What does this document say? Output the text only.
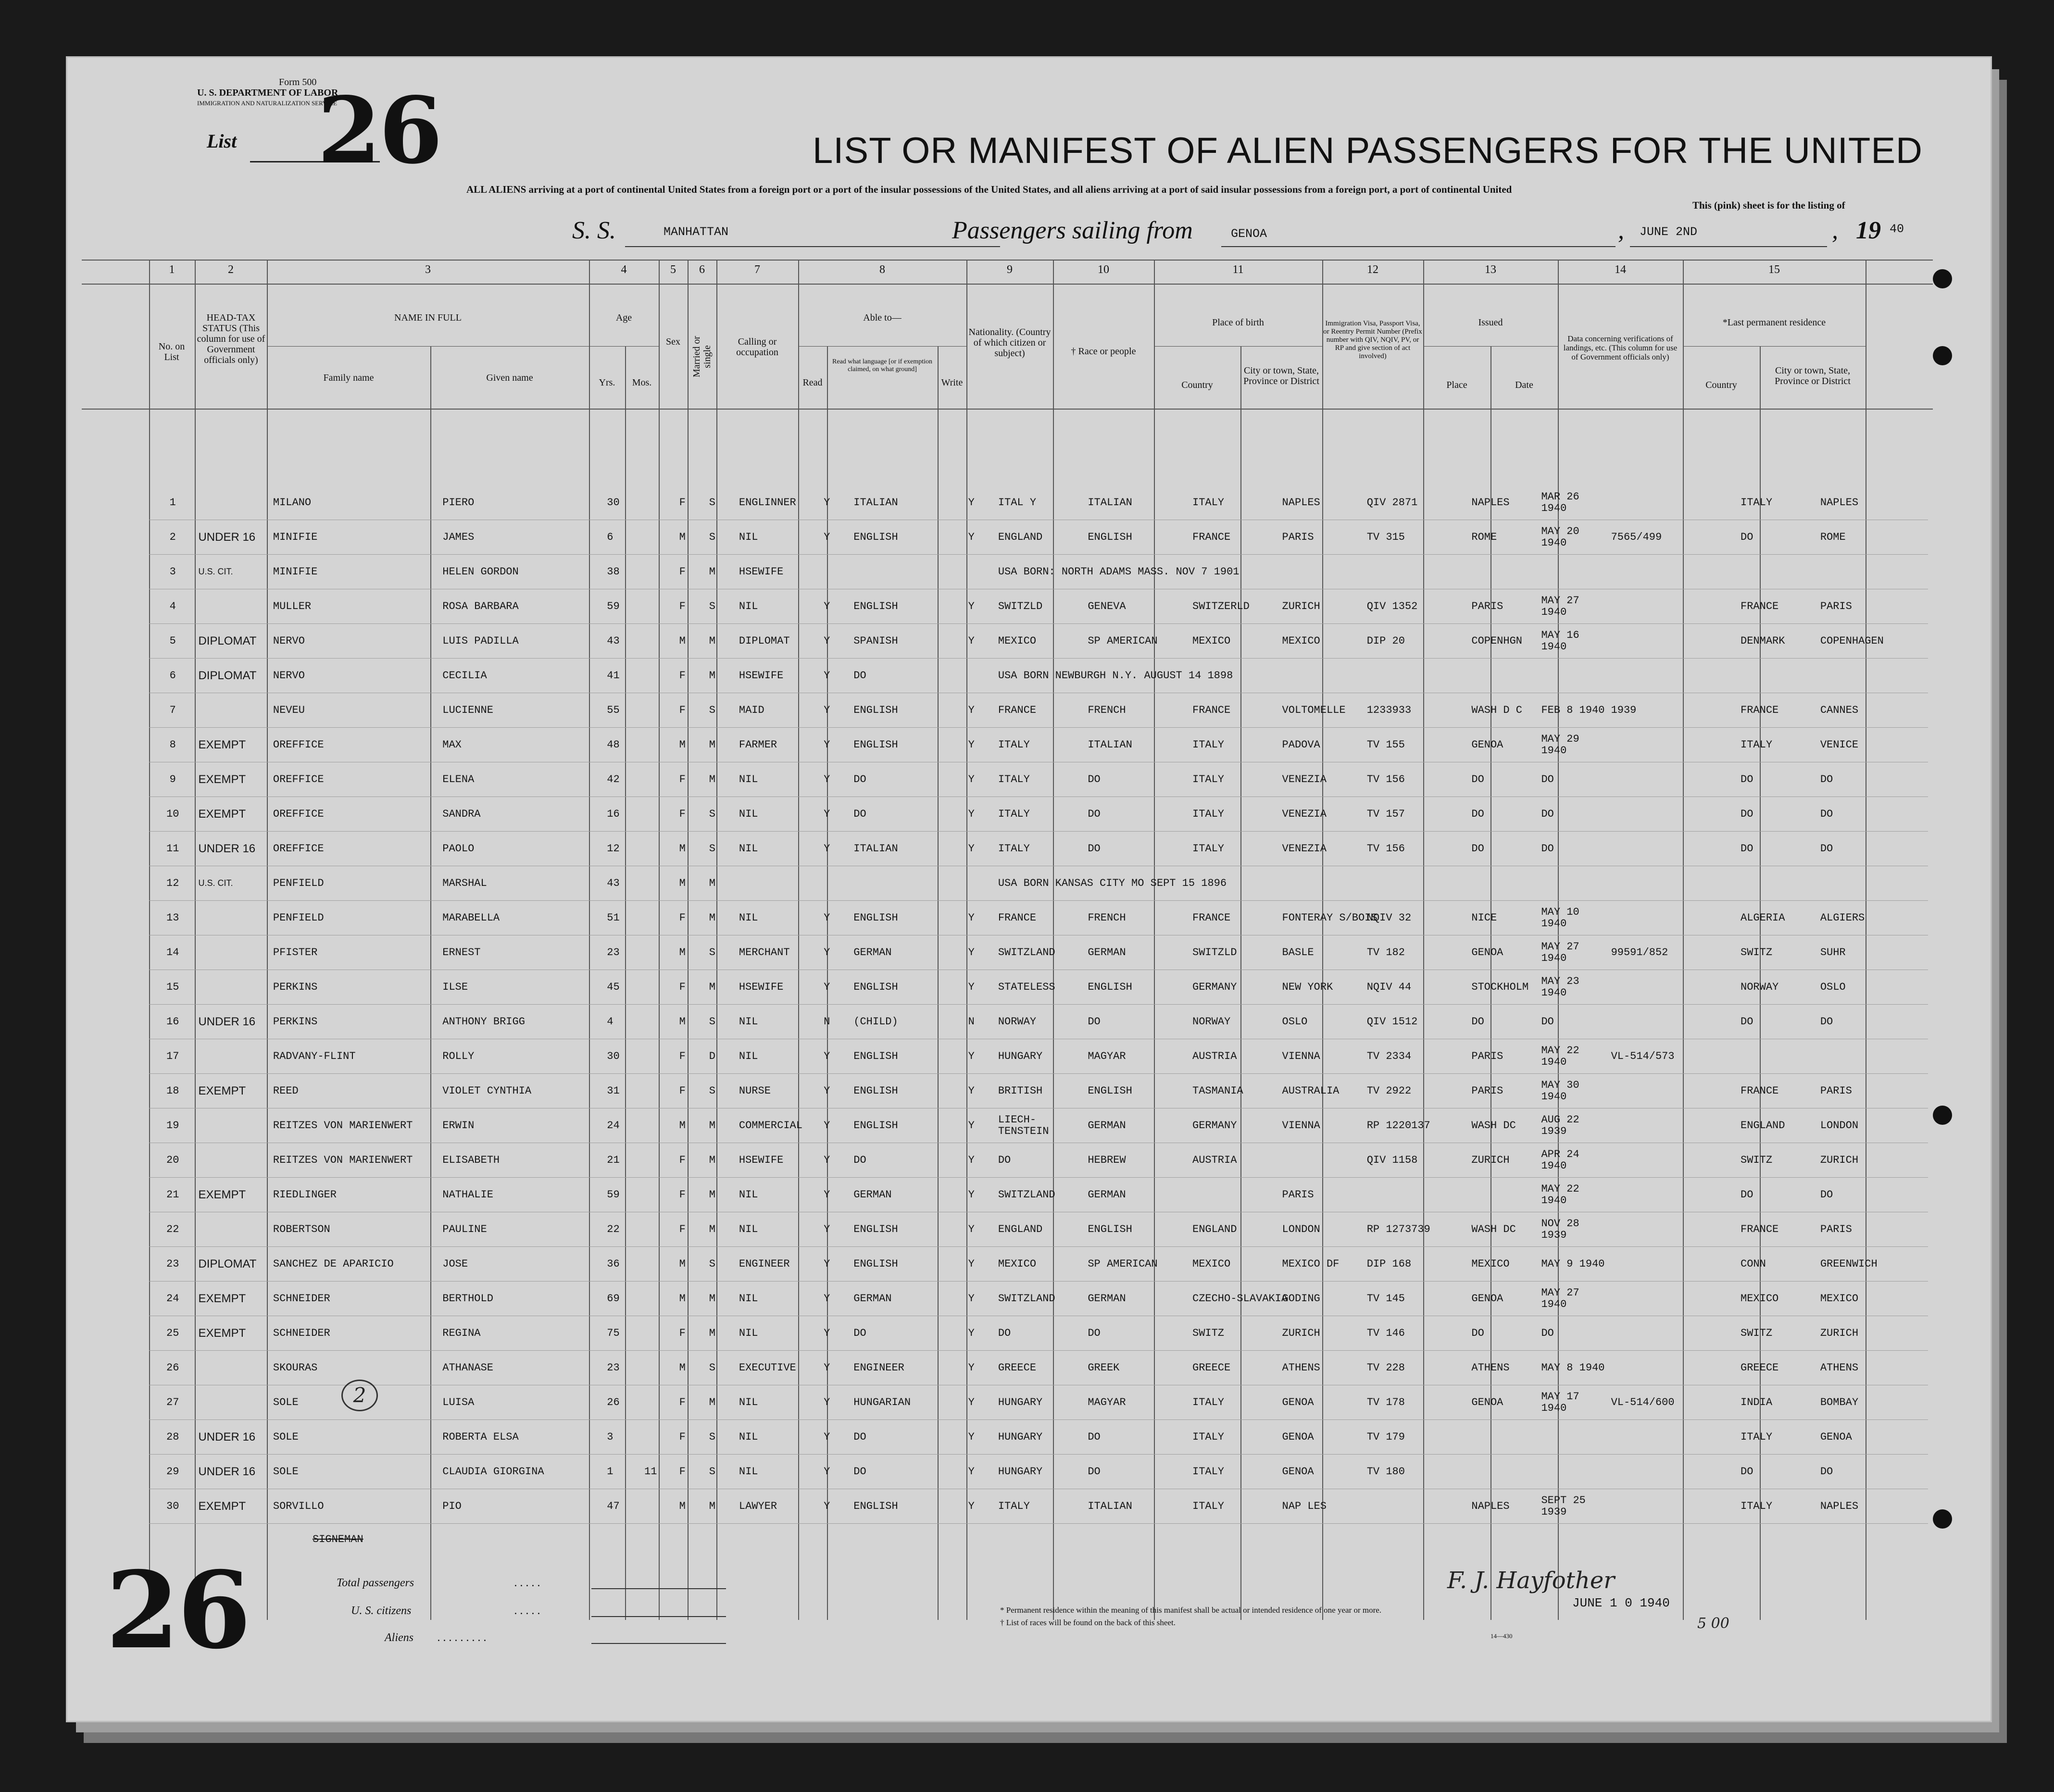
Form 500
U. S. DEPARTMENT OF LABOR
IMMIGRATION AND NATURALIZATION SERVICE
List 26	LIST OR MANIFEST OF ALIEN PASSENGERS FOR THE UNITED
ALL ALIENS arriving at a port of continental United States from a foreign port or a port of the insular possessions of the United States, and all aliens arriving at a port of said insular possessions from a foreign port, a port of continental United
This (pink) sheet is for the listing of
S. S.	MANHATTAN	Passengers sailing from	GENOA	, JUNE 2ND	, 19 40
1	2	3	4	5	6	7	8	9	10	11	12	13	14	15
No. on List
HEAD-TAX STATUS (This column for use of Government officials only)
NAME IN FULL
Family name	Given name
Age
Yrs.	Mos.
Sex	Married or single
Calling or occupation
Able to—
Read
Read what language [or if exemption claimed, on what ground]
Write
Nationality. (Country of which citizen or subject)	† Race or people
Place of birth
Country
City or town, State, Province or District
Immigration Visa, Passport Visa, or Reentry Permit Number (Prefix number with QIV, NQIV, PV, or RP and give section of act involved)
Issued
Place	Date
Data concerning verifications of landings, etc. (This column for use of Government officials only)
*Last permanent residence
Country
City or town, State, Province or District
1		MILANO	PIERO	30		F	S	ENGLINNER	Y	ITALIAN	Y	ITAL Y	ITALIAN	ITALY	NAPLES	QIV 2871	NAPLES	MAR 26 1940		ITALY	NAPLES
2	UNDER 16	MINIFIE	JAMES	6		M	S	NIL	Y	ENGLISH	Y	ENGLAND	ENGLISH	FRANCE	PARIS	TV 315	ROME	MAY 20 1940	7565/499	DO	ROME
3	U.S. CIT.	MINIFIE	HELEN GORDON	38		F	M	HSEWIFE				USA BORN: NORTH ADAMS MASS. NOV 7 1901									
4		MULLER	ROSA BARBARA	59		F	S	NIL	Y	ENGLISH	Y	SWITZLD	GENEVA	SWITZERLD	ZURICH	QIV 1352	PARIS	MAY 27 1940		FRANCE	PARIS
5	DIPLOMAT	NERVO	LUIS PADILLA	43		M	M	DIPLOMAT	Y	SPANISH	Y	MEXICO	SP AMERICAN	MEXICO	MEXICO	DIP 20	COPENHGN	MAY 16 1940		DENMARK	COPENHAGEN
6	DIPLOMAT	NERVO	CECILIA	41		F	M	HSEWIFE	Y	DO		USA BORN NEWBURGH N.Y. AUGUST 14 1898									
7		NEVEU	LUCIENNE	55		F	S	MAID	Y	ENGLISH	Y	FRANCE	FRENCH	FRANCE	VOLTOMELLE	1233933	WASH D C	FEB 8 1940	1939	FRANCE	CANNES
8	EXEMPT	OREFFICE	MAX	48		M	M	FARMER	Y	ENGLISH	Y	ITALY	ITALIAN	ITALY	PADOVA	TV 155	GENOA	MAY 29 1940		ITALY	VENICE
9	EXEMPT	OREFFICE	ELENA	42		F	M	NIL	Y	DO	Y	ITALY	DO	ITALY	VENEZIA	TV 156	DO	DO		DO	DO
10	EXEMPT	OREFFICE	SANDRA	16		F	S	NIL	Y	DO	Y	ITALY	DO	ITALY	VENEZIA	TV 157	DO	DO		DO	DO
11	UNDER 16	OREFFICE	PAOLO	12		M	S	NIL	Y	ITALIAN	Y	ITALY	DO	ITALY	VENEZIA	TV 156	DO	DO		DO	DO
12	U.S. CIT.	PENFIELD	MARSHAL	43		M	M					USA BORN KANSAS CITY MO SEPT 15 1896									
13		PENFIELD	MARABELLA	51		F	M	NIL	Y	ENGLISH	Y	FRANCE	FRENCH	FRANCE	FONTERAY S/BOIS	NQIV 32	NICE	MAY 10 1940		ALGERIA	ALGIERS
14		PFISTER	ERNEST	23		M	S	MERCHANT	Y	GERMAN	Y	SWITZLAND	GERMAN	SWITZLD	BASLE	TV 182	GENOA	MAY 27 1940	99591/852	SWITZ	SUHR
15		PERKINS	ILSE	45		F	M	HSEWIFE	Y	ENGLISH	Y	STATELESS	ENGLISH	GERMANY	NEW YORK	NQIV 44	STOCKHOLM	MAY 23 1940		NORWAY	OSLO
16	UNDER 16	PERKINS	ANTHONY BRIGG	4		M	S	NIL	N	(CHILD)	N	NORWAY	DO	NORWAY	OSLO	QIV 1512	DO	DO		DO	DO
17		RADVANY-FLINT	ROLLY	30		F	D	NIL	Y	ENGLISH	Y	HUNGARY	MAGYAR	AUSTRIA	VIENNA	TV 2334	PARIS	MAY 22 1940	VL-514/573		
18	EXEMPT	REED	VIOLET CYNTHIA	31		F	S	NURSE	Y	ENGLISH	Y	BRITISH	ENGLISH	TASMANIA	AUSTRALIA	TV 2922	PARIS	MAY 30 1940		FRANCE	PARIS
19		REITZES VON MARIENWERT	ERWIN	24		M	M	COMMERCIAL	Y	ENGLISH	Y	LIECH-TENSTEIN	GERMAN	GERMANY	VIENNA	RP 1220137	WASH DC	AUG 22 1939		ENGLAND	LONDON
20		REITZES VON MARIENWERT	ELISABETH	21		F	M	HSEWIFE	Y	DO	Y	DO	HEBREW	AUSTRIA		QIV 1158	ZURICH	APR 24 1940		SWITZ	ZURICH
21	EXEMPT	RIEDLINGER	NATHALIE	59		F	M	NIL	Y	GERMAN	Y	SWITZLAND	GERMAN		PARIS			MAY 22 1940		DO	DO
22		ROBERTSON	PAULINE	22		F	M	NIL	Y	ENGLISH	Y	ENGLAND	ENGLISH	ENGLAND	LONDON	RP 1273739	WASH DC	NOV 28 1939		FRANCE	PARIS
23	DIPLOMAT	SANCHEZ DE APARICIO	JOSE	36		M	S	ENGINEER	Y	ENGLISH	Y	MEXICO	SP AMERICAN	MEXICO	MEXICO DF	DIP 168	MEXICO	MAY 9 1940		CONN	GREENWICH
24	EXEMPT	SCHNEIDER	BERTHOLD	69		M	M	NIL	Y	GERMAN	Y	SWITZLAND	GERMAN	CZECHO-SLAVAKIA	GODING	TV 145	GENOA	MAY 27 1940		MEXICO	MEXICO
25	EXEMPT	SCHNEIDER	REGINA	75		F	M	NIL	Y	DO	Y	DO	DO	SWITZ	ZURICH	TV 146	DO	DO		SWITZ	ZURICH
26		SKOURAS	ATHANASE	23		M	S	EXECUTIVE	Y	ENGINEER	Y	GREECE	GREEK	GREECE	ATHENS	TV 228	ATHENS	MAY 8 1940		GREECE	ATHENS
27		SOLE	LUISA	26		F	M	NIL	Y	HUNGARIAN	Y	HUNGARY	MAGYAR	ITALY	GENOA	TV 178	GENOA	MAY 17 1940	VL-514/600	INDIA	BOMBAY
28	UNDER 16	SOLE	ROBERTA ELSA	3		F	S	NIL	Y	DO	Y	HUNGARY	DO	ITALY	GENOA	TV 179				ITALY	GENOA
29	UNDER 16	SOLE	CLAUDIA GIORGINA	1	11	F	S	NIL	Y	DO	Y	HUNGARY	DO	ITALY	GENOA	TV 180				DO	DO
30	EXEMPT	SORVILLO	PIO	47		M	M	LAWYER	Y	ENGLISH	Y	ITALY	ITALIAN	ITALY	NAP LES		NAPLES	SEPT 25 1939		ITALY	NAPLES
SIGNEMAN
2
F. J. Hayfother
JUNE 1 0 1940
5 00
26	Total passengers	. . . . .
U. S. citizens	. . . . .
Aliens . . . . . . . . .
* Permanent residence within the meaning of this manifest shall be actual or intended residence of one year or more.
† List of races will be found on the back of this sheet.
14—430
